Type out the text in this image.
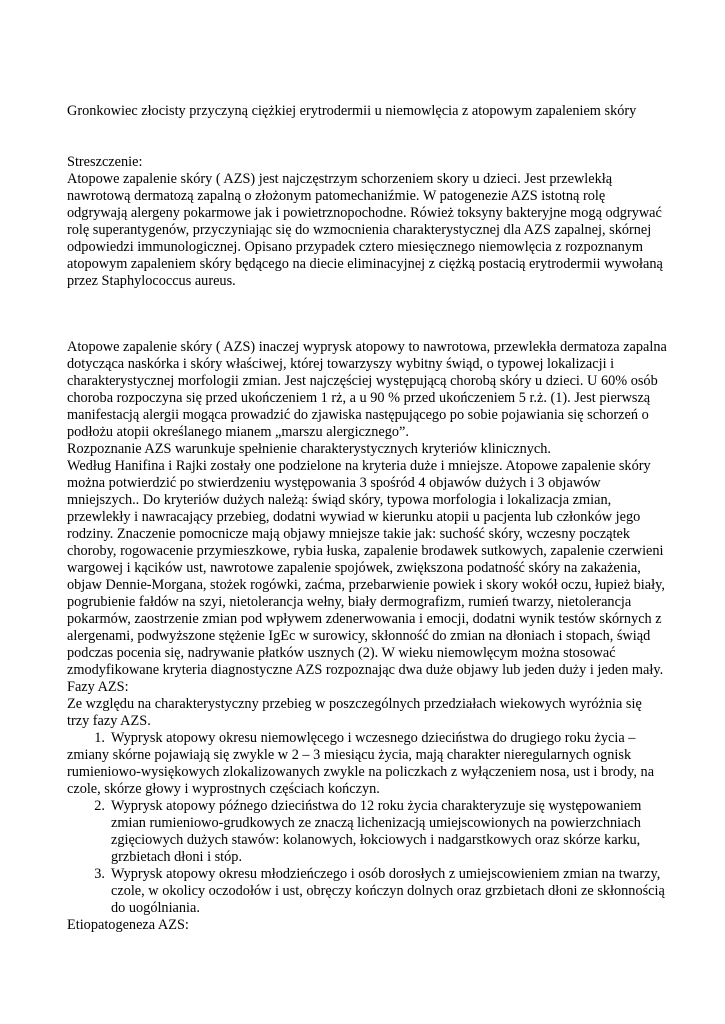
Gronkowiec złocisty przyczyną ciężkiej erytrodermii u niemowlęcia z atopowym zapaleniem skóry

Streszczenie:

Atopowe zapalenie skóry ( AZS) jest najczęstrzym schorzeniem skory u dzieci. Jest przewlekłą nawrotową dermatozą zapalną o złożonym patomechaniźmie. W patogenezie AZS istotną rolę odgrywają alergeny pokarmowe jak i powietrznopochodne. Rówież toksyny bakteryjne mogą odgrywać rolę superantygenów, przyczyniając się do wzmocnienia charakterystycznej dla AZS zapalnej, skórnej odpowiedzi immunologicznej. Opisano przypadek cztero miesięcznego niemowlęcia z rozpoznanym atopowym zapaleniem skóry będącego na diecie eliminacyjnej z ciężką postacią erytrodermii wywołaną przez Staphylococcus aureus.

Atopowe zapalenie skóry ( AZS) inaczej wyprysk atopowy to nawrotowa, przewlekła dermatoza zapalna dotycząca naskórka i skóry właściwej, której towarzyszy wybitny świąd, o typowej lokalizacji i charakterystycznej morfologii zmian. Jest najczęściej występującą chorobą skóry u dzieci. U 60% osób choroba rozpoczyna się przed ukończeniem 1 rż, a u 90 % przed ukończeniem 5 r.ż. (1). Jest pierwszą manifestacją alergii mogąca prowadzić do zjawiska następującego po sobie pojawiania się schorzeń o podłożu atopii określanego mianem „marszu alergicznego”.

Rozpoznanie AZS warunkuje spełnienie charakterystycznych kryteriów klinicznych.

Według Hanifina i Rajki zostały one podzielone na kryteria duże i mniejsze. Atopowe zapalenie skóry można potwierdzić po stwierdzeniu występowania 3 spośród 4 objawów dużych i 3 objawów mniejszych.. Do kryteriów dużych należą: świąd skóry, typowa morfologia i lokalizacja zmian, przewlekły i nawracający przebieg, dodatni wywiad w kierunku atopii u pacjenta lub członków jego rodziny. Znaczenie pomocnicze mają objawy mniejsze takie jak: suchość skóry, wczesny początek choroby, rogowacenie przymieszkowe, rybia łuska, zapalenie brodawek sutkowych, zapalenie czerwieni wargowej i kącików ust, nawrotowe zapalenie spojówek, zwiększona podatność skóry na zakażenia, objaw Dennie-Morgana, stożek rogówki, zaćma, przebarwienie powiek i skory wokół oczu, łupież biały, pogrubienie fałdów na szyi, nietolerancja wełny, biały dermografizm, rumień twarzy, nietolerancja pokarmów, zaostrzenie zmian pod wpływem zdenerwowania i emocji, dodatni wynik testów skórnych z alergenami, podwyższone stężenie IgEc w surowicy, skłonność do zmian na dłoniach i stopach, świąd podczas pocenia się, nadrywanie płatków usznych (2). W wieku niemowlęcym można stosować zmodyfikowane kryteria diagnostyczne AZS rozpoznając dwa duże objawy lub jeden duży i jeden mały.

Fazy AZS:

Ze względu na charakterystyczny przebieg w poszczególnych przedziałach wiekowych wyróżnia się trzy fazy AZS.

1. Wyprysk atopowy okresu niemowlęcego i wczesnego dzieciństwa do drugiego roku życia – zmiany skórne pojawiają się zwykle w 2 – 3 miesiącu życia, mają charakter nieregularnych ognisk rumieniowo-wysiękowych zlokalizowanych zwykle na policzkach z wyłączeniem nosa, ust i brody, na czole, skórze głowy i wyprostnych częściach kończyn.
2. Wyprysk atopowy późnego dzieciństwa do 12 roku życia charakteryzuje się występowaniem zmian rumieniowo-grudkowych ze znaczą lichenizacją umiejscowionych na powierzchniach zgięciowych dużych stawów: kolanowych, łokciowych i nadgarstkowych oraz skórze karku, grzbietach dłoni i stóp.
3. Wyprysk atopowy okresu młodzieńczego i osób dorosłych z umiejscowieniem zmian na twarzy, czole, w okolicy oczodołów i ust, obręczy kończyn dolnych oraz grzbietach dłoni ze skłonnością do uogólniania.

Etiopatogeneza AZS:
